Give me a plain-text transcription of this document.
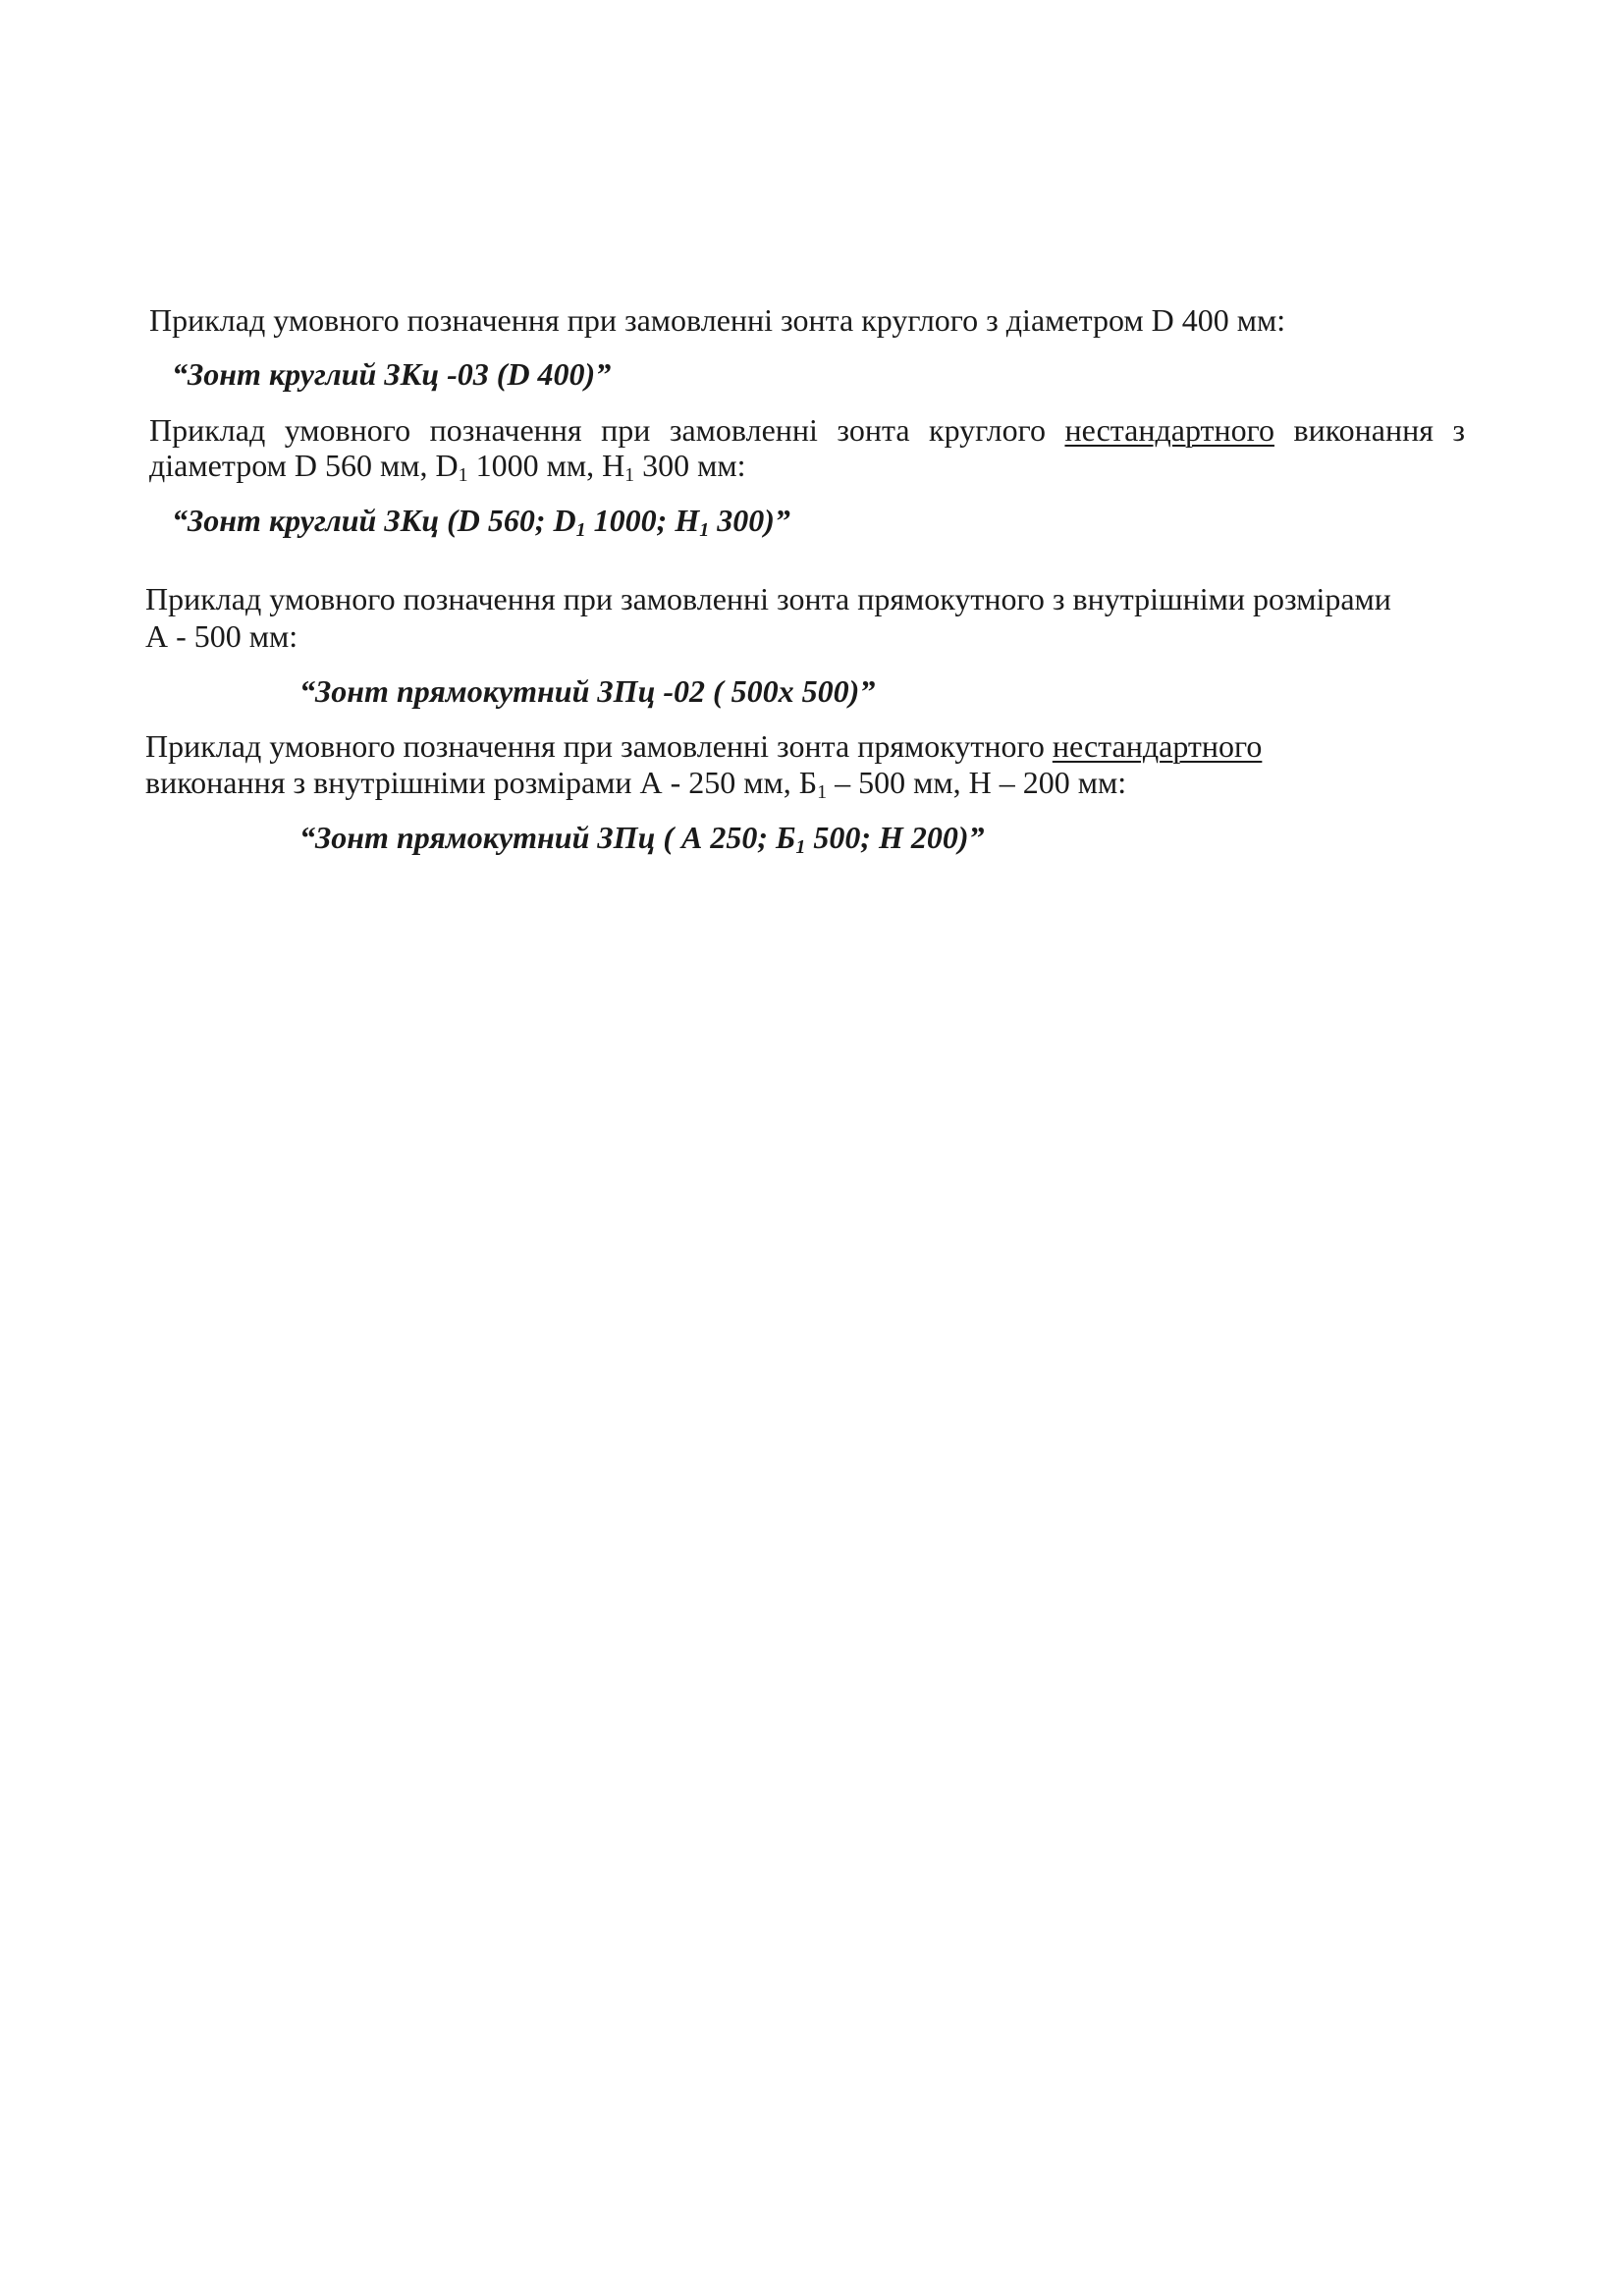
Приклад умовного позначення при замовленні зонта круглого з діаметром D 400 мм:
“Зонт круглий ЗКц -03 (D 400)”
Приклад умовного позначення при замовленні зонта круглого нестандартного виконання з
діаметром D 560 мм, $D_1$ 1000 мм, $H_1$ 300 мм:
“Зонт круглий ЗКц (D 560; $D_1$ 1000; $H_1$ 300)”
Приклад умовного позначення при замовленні зонта прямокутного з внутрішніми розмірами
А - 500 мм:
“Зонт прямокутний ЗПц -02 ( 500х 500)”
Приклад умовного позначення при замовленні зонта прямокутного нестандартного
виконання з внутрішніми розмірами А - 250 мм, $Б_1 - 500$ мм, Н – 200 мм:
“Зонт прямокутний ЗПц ( А 250; $Б_1$ 500; Н 200)”
